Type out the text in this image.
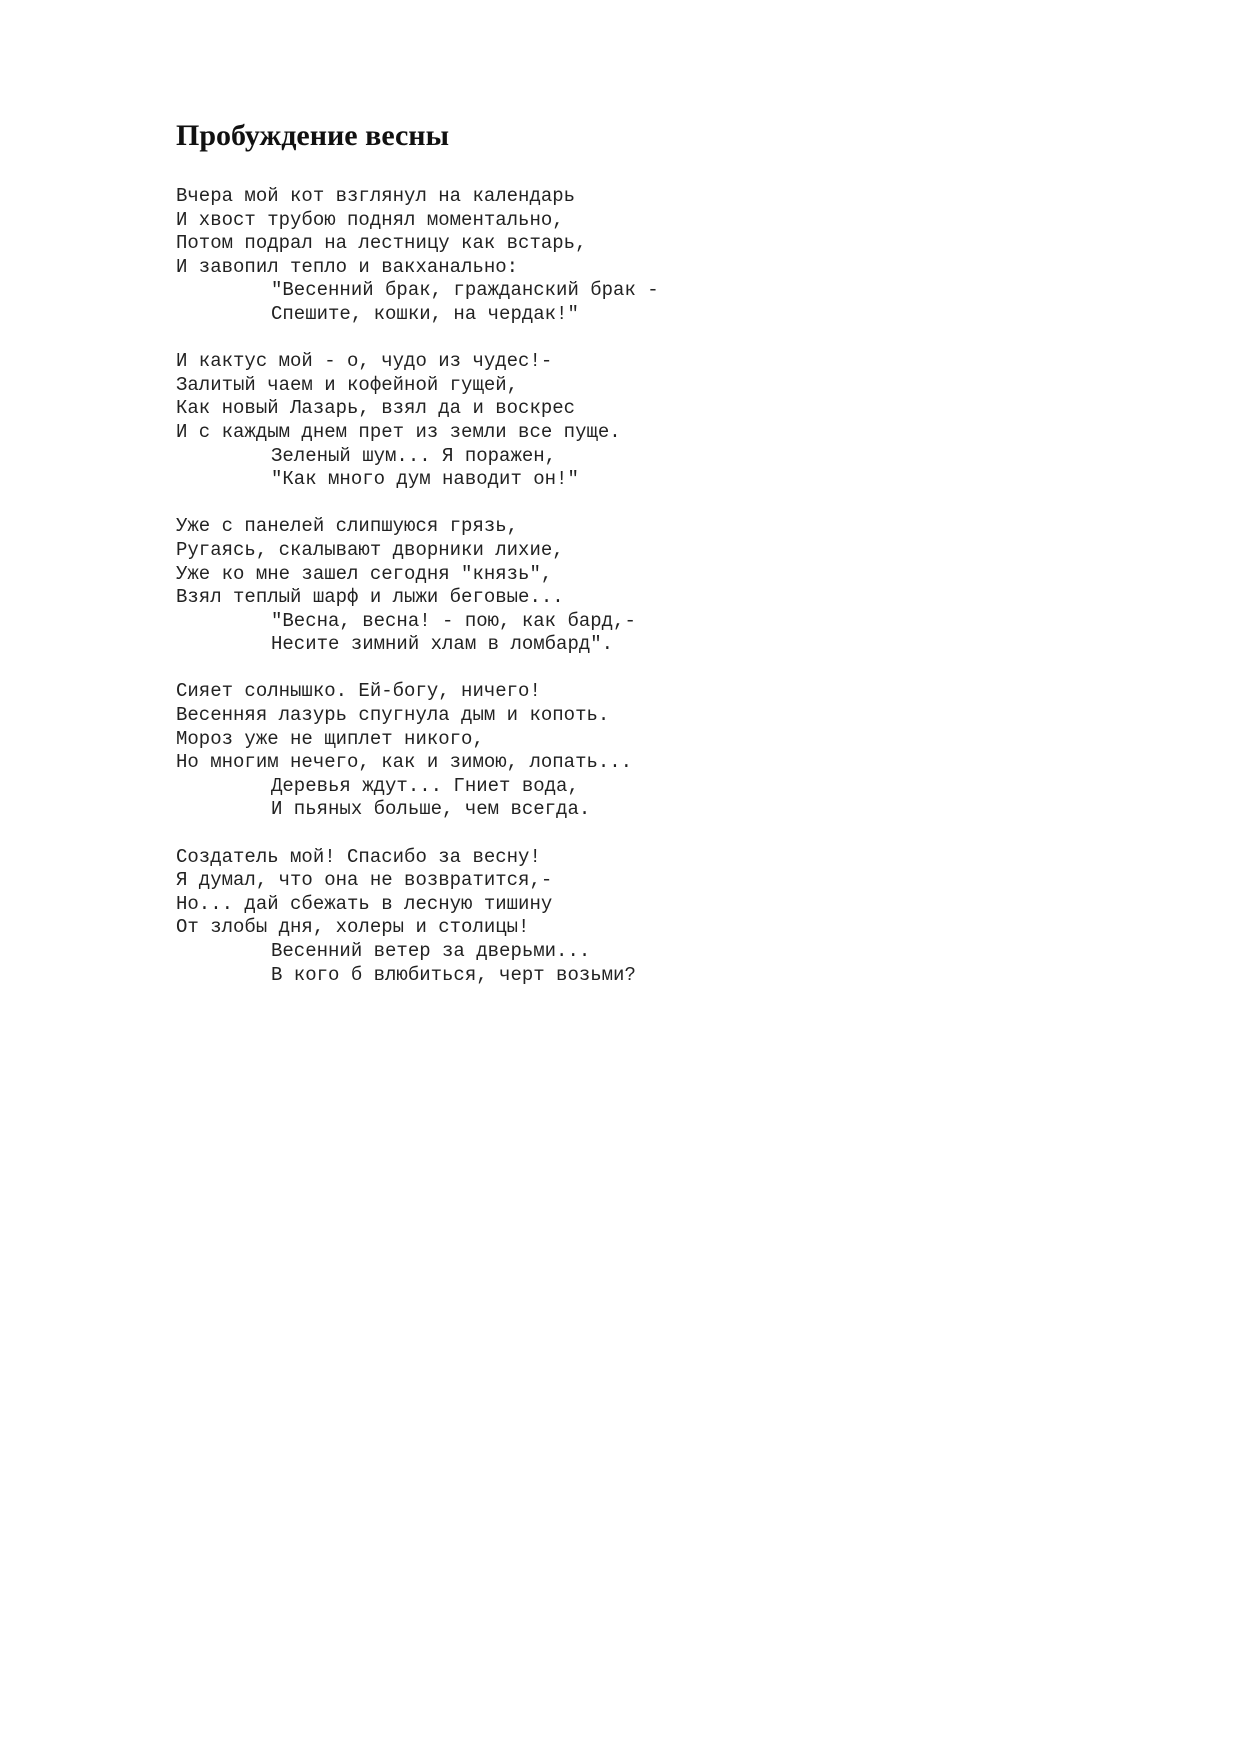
Пробуждение весны
Вчера мой кот взглянул на календарь
И хвост трубою поднял моментально,
Потом подрал на лестницу как встарь,
И завопил тепло и вакханально:
"Весенний брак, гражданский брак -
Спешите, кошки, на чердак!"
И кактус мой - о, чудо из чудес!-
Залитый чаем и кофейной гущей,
Как новый Лазарь, взял да и воскрес
И с каждым днем прет из земли все пуще.
Зеленый шум... Я поражен,
"Как много дум наводит он!"
Уже с панелей слипшуюся грязь,
Ругаясь, скалывают дворники лихие,
Уже ко мне зашел сегодня "князь",
Взял теплый шарф и лыжи беговые...
"Весна, весна! - пою, как бард,-
Несите зимний хлам в ломбард".
Сияет солнышко. Ей-богу, ничего!
Весенняя лазурь спугнула дым и копоть.
Мороз уже не щиплет никого,
Но многим нечего, как и зимою, лопать...
Деревья ждут... Гниет вода,
И пьяных больше, чем всегда.
Создатель мой! Спасибо за весну!
Я думал, что она не возвратится,-
Но... дай сбежать в лесную тишину
От злобы дня, холеры и столицы!
Весенний ветер за дверьми...
В кого б влюбиться, черт возьми?
